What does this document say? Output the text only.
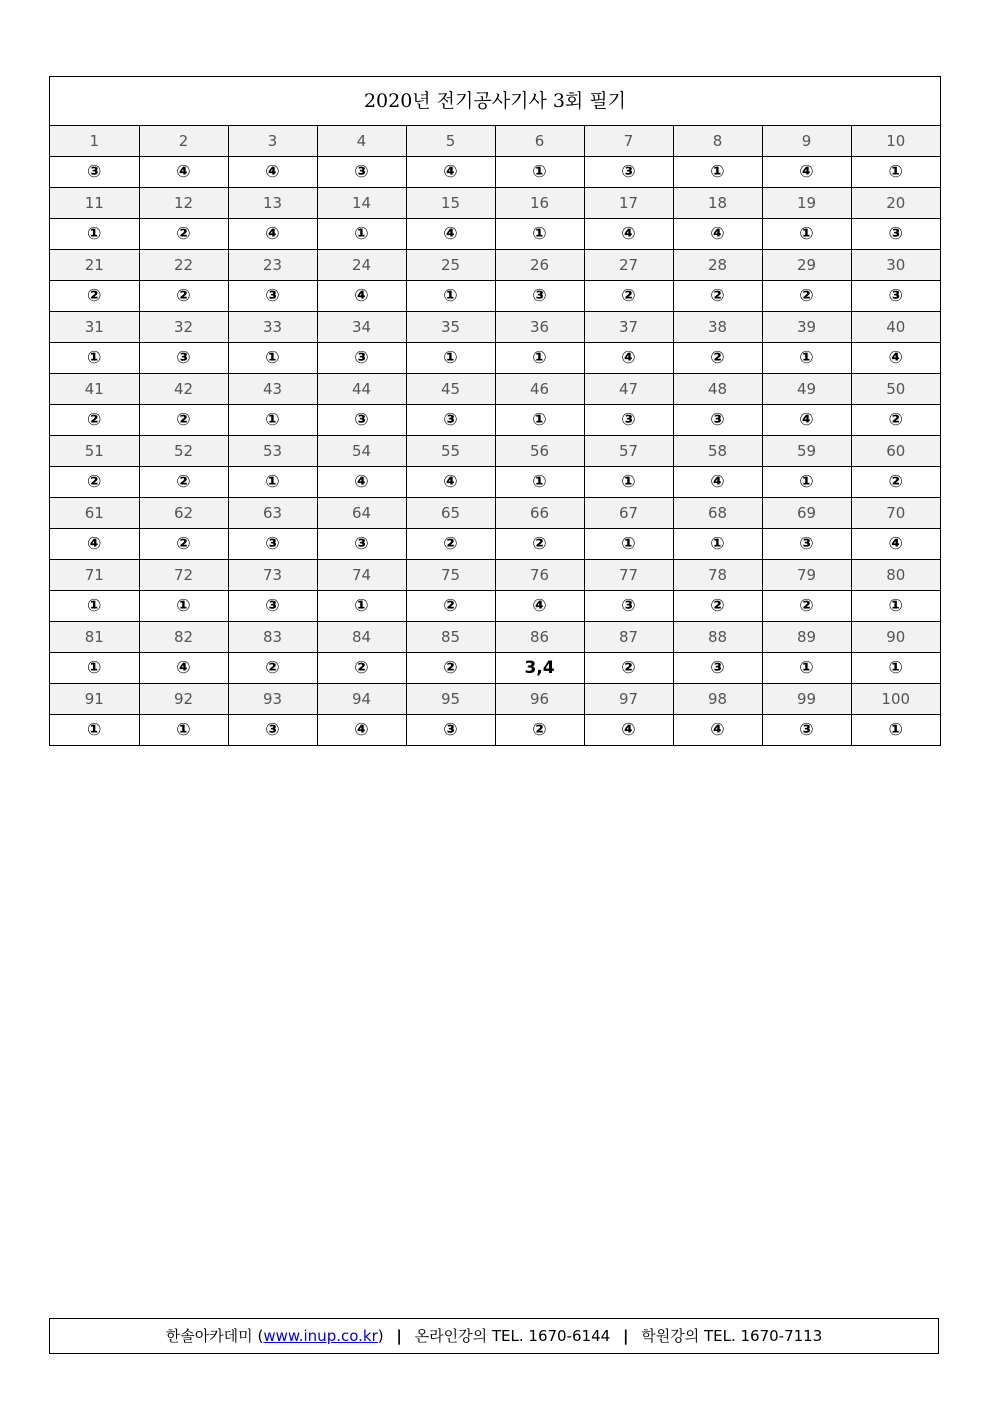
2020년 전기공사기사 3회 필기
1	2	3	4	5	6	7	8	9	10
③	④	④	③	④	①	③	①	④	①
11	12	13	14	15	16	17	18	19	20
①	②	④	①	④	①	④	④	①	③
21	22	23	24	25	26	27	28	29	30
②	②	③	④	①	③	②	②	②	③
31	32	33	34	35	36	37	38	39	40
①	③	①	③	①	①	④	②	①	④
41	42	43	44	45	46	47	48	49	50
②	②	①	③	③	①	③	③	④	②
51	52	53	54	55	56	57	58	59	60
②	②	①	④	④	①	①	④	①	②
61	62	63	64	65	66	67	68	69	70
④	②	③	③	②	②	①	①	③	④
71	72	73	74	75	76	77	78	79	80
①	①	③	①	②	④	③	②	②	①
81	82	83	84	85	86	87	88	89	90
①	④	②	②	②	3,4	②	③	①	①
91	92	93	94	95	96	97	98	99	100
①	①	③	④	③	②	④	④	③	①
한솔아카데미 (www.inup.co.kr) | 온라인강의 TEL. 1670-6144 | 학원강의 TEL. 1670-7113
